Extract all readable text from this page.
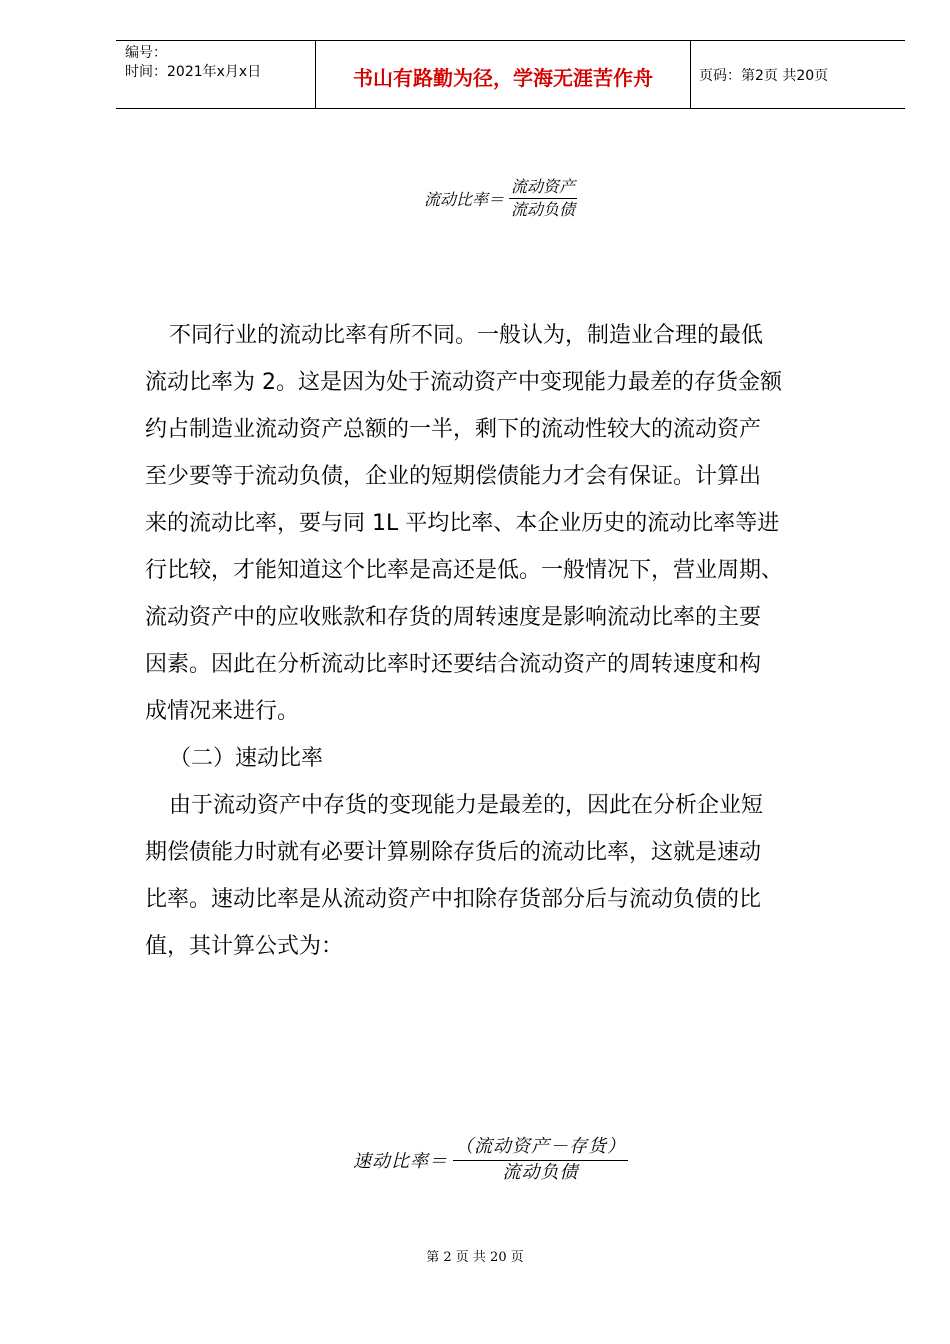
编号：
时间：2021年x月x日	书山有路勤为径，学海无涯苦作舟	页码：第2页 共20页
流动比率＝ $\frac{\text{流动资产}}{\text{流动负债}}$

不同行业的流动比率有所不同。一般认为，制造业合理的最低

流动比率为 2。这是因为处于流动资产中变现能力最差的存货金额

约占制造业流动资产总额的一半，剩下的流动性较大的流动资产

至少要等于流动负债，企业的短期偿债能力才会有保证。计算出

来的流动比率，要与同 1L 平均比率、本企业历史的流动比率等进

行比较，才能知道这个比率是高还是低。一般情况下，营业周期、

流动资产中的应收账款和存货的周转速度是影响流动比率的主要

因素。因此在分析流动比率时还要结合流动资产的周转速度和构

成情况来进行。

（二）速动比率

由于流动资产中存货的变现能力是最差的，因此在分析企业短

期偿债能力时就有必要计算剔除存货后的流动比率，这就是速动

比率。速动比率是从流动资产中扣除存货部分后与流动负债的比

值，其计算公式为：

速动比率＝ $\frac{\text{（流动资产－存货）}}{\text{流动负债}}$
第 2 页 共 20 页
